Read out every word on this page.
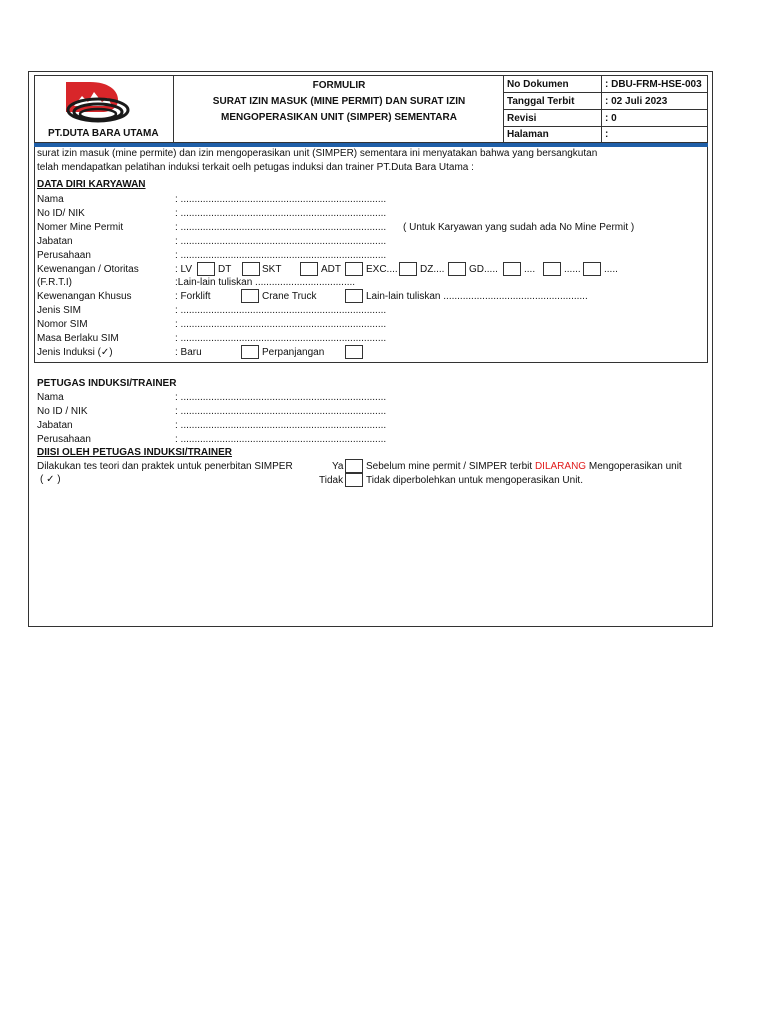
PT.DUTA BARA UTAMA
FORMULIR
SURAT IZIN MASUK (MINE PERMIT) DAN SURAT IZIN
MENGOPERASIKAN UNIT (SIMPER) SEMENTARA
No Dokumen	: DBU-FRM-HSE-003
Tanggal Terbit	: 02 Juli 2023
Revisi	: 0
Halaman	:
surat izin masuk (mine permite) dan izin mengoperasikan unit (SIMPER) sementara ini menyatakan bahwa yang bersangkutan
telah mendapatkan pelatihan induksi terkait oelh petugas induksi dan trainer PT.Duta Bara Utama :
DATA DIRI KARYAWAN
Nama	: ..........................................................................
No ID/ NIK	: ..........................................................................
Nomer Mine Permit	: .......................................................................... ( Untuk Karyawan yang sudah ada No Mine Permit )
Jabatan	: ..........................................................................
Perusahaan	: ..........................................................................
Kewenangan / Otoritas	: LV	DT	SKT	ADT	EXC.... DZ.... GD.....	....	...... .....
(F.R.T.I)	:Lain-lain tuliskan ....................................
Kewenangan Khusus	: Forklift	Crane Truck	Lain-lain tuliskan ....................................................
Jenis SIM	: ..........................................................................
Nomor SIM	: ..........................................................................
Masa Berlaku SIM	: ..........................................................................
Jenis Induksi (✓)	: Baru	Perpanjangan
PETUGAS INDUKSI/TRAINER
Nama	: ..........................................................................
No ID / NIK	: ..........................................................................
Jabatan	: ..........................................................................
Perusahaan	: ..........................................................................
DIISI OLEH PETUGAS INDUKSI/TRAINER
Dilakukan tes teori dan praktek untuk penerbitan SIMPER
( ✓ )
Ya Sebelum mine permit / SIMPER terbit DILARANG Mengoperasikan unit
Tidak Tidak diperbolehkan untuk mengoperasikan Unit.
